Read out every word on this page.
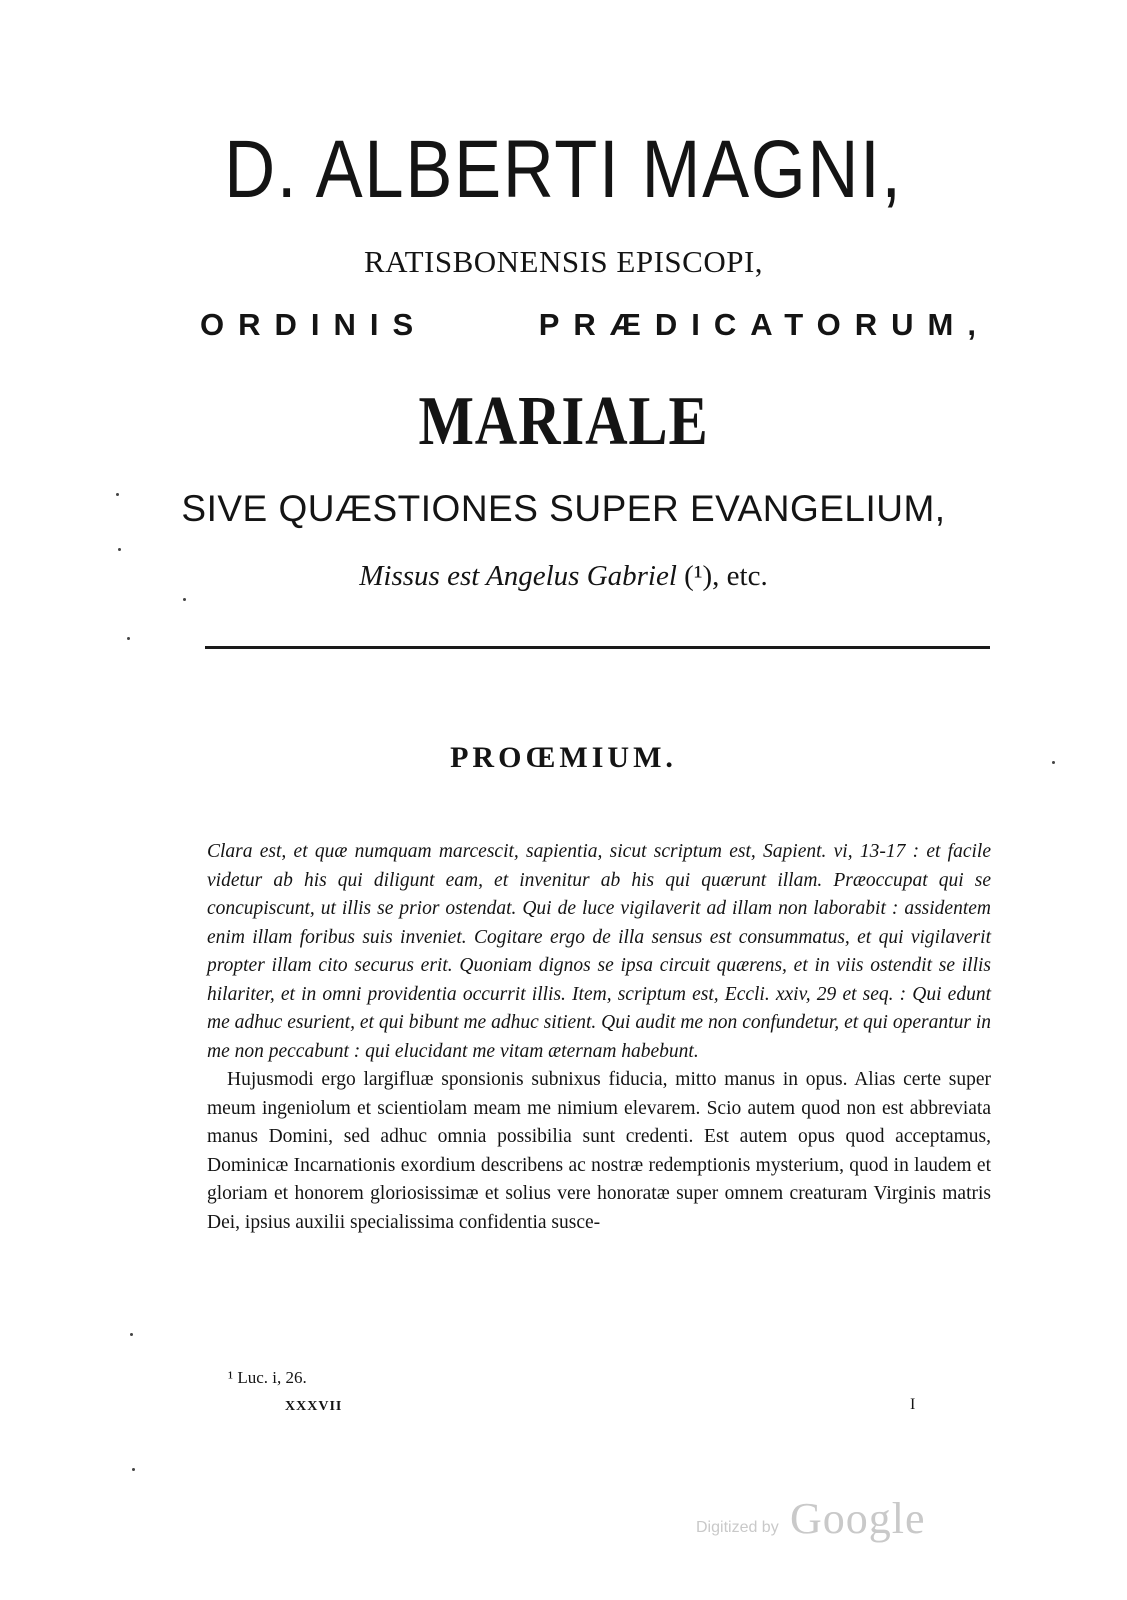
D. ALBERTI MAGNI,
RATISBONENSIS EPISCOPI,
ORDINIS PRÆDICATORUM,
MARIALE
SIVE QUÆSTIONES SUPER EVANGELIUM,
Missus est Angelus Gabriel (¹), etc.
PROŒMIUM.

Clara est, et quæ numquam marcescit, sapientia, sicut scriptum est, Sapient. vi, 13-17 : et facile videtur ab his qui diligunt eam, et invenitur ab his qui quærunt illam. Præoccupat qui se concupiscunt, ut illis se prior ostendat. Qui de luce vigilaverit ad illam non laborabit : assidentem enim illam foribus suis inveniet. Cogitare ergo de illa sensus est consummatus, et qui vigilaverit propter illam cito securus erit. Quoniam dignos se ipsa circuit quærens, et in viis ostendit se illis hilariter, et in omni providentia occurrit illis. Item, scriptum est, Eccli. xxiv, 29 et seq. : Qui edunt me adhuc esurient, et qui bibunt me adhuc sitient. Qui audit me non confundetur, et qui operantur in me non peccabunt : qui elucidant me vitam æternam habebunt.

Hujusmodi ergo largifluæ sponsionis subnixus fiducia, mitto manus in opus. Alias certe super meum ingeniolum et scientiolam meam me nimium elevarem. Scio autem quod non est abbreviata manus Domini, sed adhuc omnia possibilia sunt credenti. Est autem opus quod acceptamus, Dominicæ Incarnationis exordium describens ac nostræ redemptionis mysterium, quod in laudem et gloriam et honorem gloriosissimæ et solius vere honoratæ super omnem creaturam Virginis matris Dei, ipsius auxilii specialissima confidentia susce-

¹ Luc. i, 26.
XXXVII	I
Digitized by Google
